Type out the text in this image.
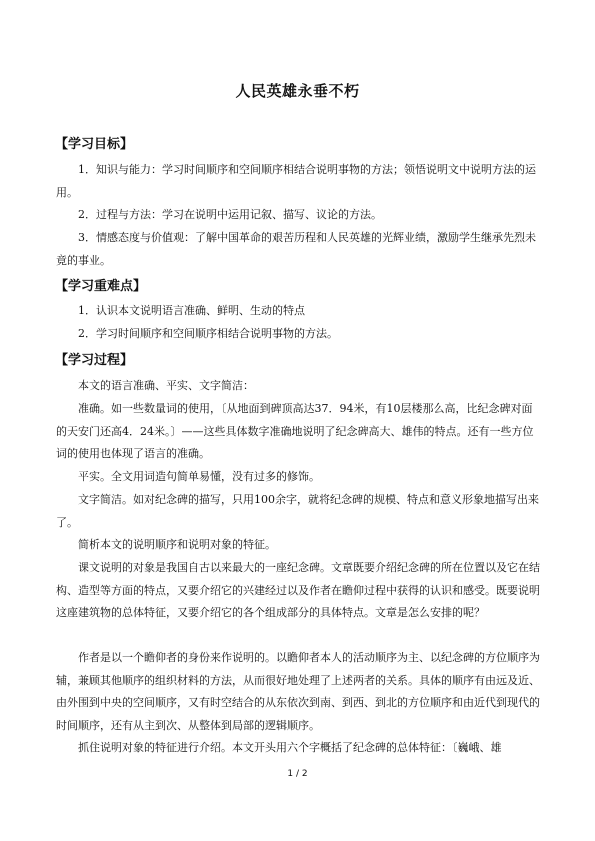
人民英雄永垂不朽
【学习目标】
1．知识与能力：学习时间顺序和空间顺序相结合说明事物的方法；领悟说明文中说明方法的运用。
2．过程与方法：学习在说明中运用记叙、描写、议论的方法。
3．情感态度与价值观：了解中国革命的艰苦历程和人民英雄的光辉业绩，激励学生继承先烈未竟的事业。
【学习重难点】
1．认识本文说明语言准确、鲜明、生动的特点
2．学习时间顺序和空间顺序相结合说明事物的方法。
【学习过程】
本文的语言准确、平实、文字简洁：
准确。如一些数量词的使用，〔从地面到碑顶高达37．94米，有10层楼那么高，比纪念碑对面的天安门还高4．24米。〕——这些具体数字准确地说明了纪念碑高大、雄伟的特点。还有一些方位词的使用也体现了语言的准确。
平实。全文用词造句简单易懂，没有过多的修饰。
文字简洁。如对纪念碑的描写，只用100余字，就将纪念碑的规模、特点和意义形象地描写出来了。
简析本文的说明顺序和说明对象的特征。
课文说明的对象是我国自古以来最大的一座纪念碑。文章既要介绍纪念碑的所在位置以及它在结构、造型等方面的特点，又要介绍它的兴建经过以及作者在瞻仰过程中获得的认识和感受。既要说明这座建筑物的总体特征，又要介绍它的各个组成部分的具体特点。文章是怎么安排的呢？
作者是以一个瞻仰者的身份来作说明的。以瞻仰者本人的活动顺序为主、以纪念碑的方位顺序为辅，兼顾其他顺序的组织材料的方法，从而很好地处理了上述两者的关系。具体的顺序有由远及近、由外围到中央的空间顺序，又有时空结合的从东依次到南、到西、到北的方位顺序和由近代到现代的时间顺序，还有从主到次、从整体到局部的逻辑顺序。
抓住说明对象的特征进行介绍。本文开头用六个字概括了纪念碑的总体特征：〔巍峨、雄
1 / 2
